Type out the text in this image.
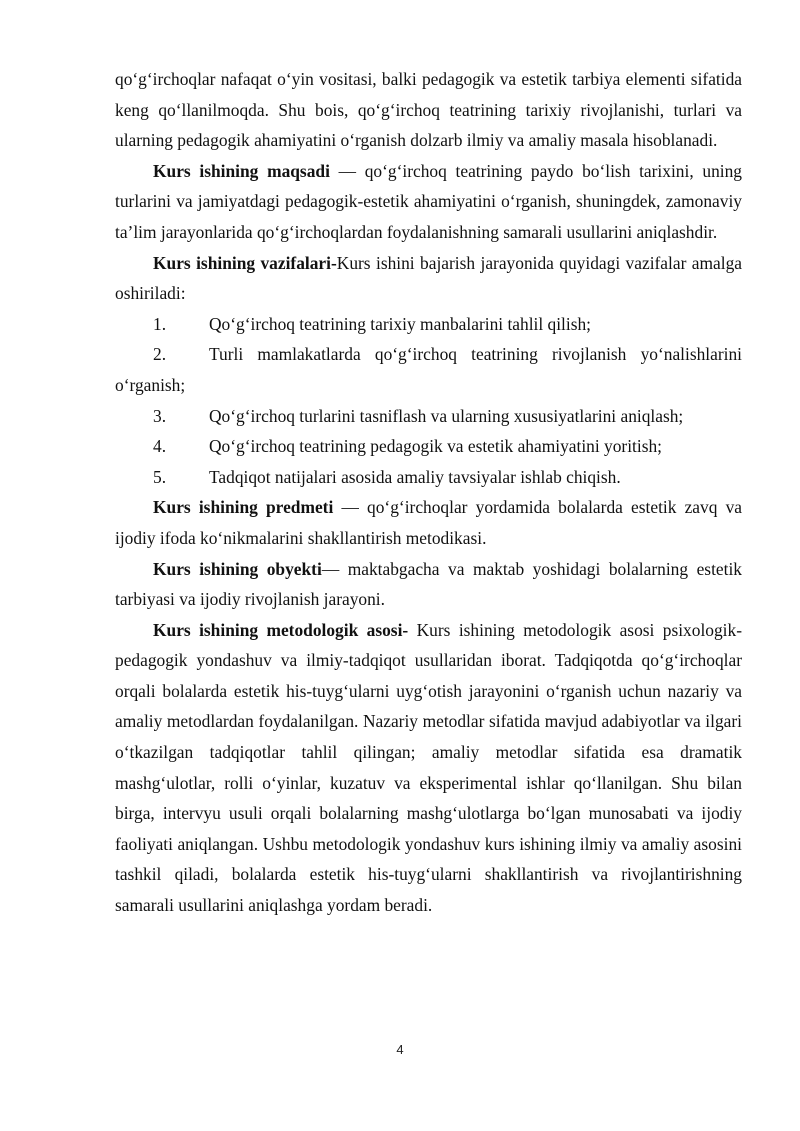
qo‘g‘irchoqlar nafaqat o‘yin vositasi, balki pedagogik va estetik tarbiya elementi sifatida keng qo‘llanilmoqda. Shu bois, qo‘g‘irchoq teatrining tarixiy rivojlanishi, turlari va ularning pedagogik ahamiyatini o‘rganish dolzarb ilmiy va amaliy masala hisoblanadi.

Kurs ishining maqsadi — qo‘g‘irchoq teatrining paydo bo‘lish tarixini, uning turlarini va jamiyatdagi pedagogik-estetik ahamiyatini o‘rganish, shuningdek, zamonaviy ta’lim jarayonlarida qo‘g‘irchoqlardan foydalanishning samarali usullarini aniqlashdir.

Kurs ishining vazifalari-Kurs ishini bajarish jarayonida quyidagi vazifalar amalga oshiriladi:

1. Qo‘g‘irchoq teatrining tarixiy manbalarini tahlil qilish;

2. Turli mamlakatlarda qo‘g‘irchoq teatrining rivojlanish yo‘nalishlarini o‘rganish;

3. Qo‘g‘irchoq turlarini tasniflash va ularning xususiyatlarini aniqlash;

4. Qo‘g‘irchoq teatrining pedagogik va estetik ahamiyatini yoritish;

5. Tadqiqot natijalari asosida amaliy tavsiyalar ishlab chiqish.

Kurs ishining predmeti — qo‘g‘irchoqlar yordamida bolalarda estetik zavq va ijodiy ifoda ko‘nikmalarini shakllantirish metodikasi.

Kurs ishining obyekti— maktabgacha va maktab yoshidagi bolalarning estetik tarbiyasi va ijodiy rivojlanish jarayoni.

Kurs ishining metodologik asosi- Kurs ishining metodologik asosi psixologik-pedagogik yondashuv va ilmiy-tadqiqot usullaridan iborat. Tadqiqotda qo‘g‘irchoqlar orqali bolalarda estetik his-tuyg‘ularni uyg‘otish jarayonini o‘rganish uchun nazariy va amaliy metodlardan foydalanilgan. Nazariy metodlar sifatida mavjud adabiyotlar va ilgari o‘tkazilgan tadqiqotlar tahlil qilingan; amaliy metodlar sifatida esa dramatik mashg‘ulotlar, rolli o‘yinlar, kuzatuv va eksperimental ishlar qo‘llanilgan. Shu bilan birga, intervyu usuli orqali bolalarning mashg‘ulotlarga bo‘lgan munosabati va ijodiy faoliyati aniqlangan. Ushbu metodologik yondashuv kurs ishining ilmiy va amaliy asosini tashkil qiladi, bolalarda estetik his-tuyg‘ularni shakllantirish va rivojlantirishning samarali usullarini aniqlashga yordam beradi.

4
